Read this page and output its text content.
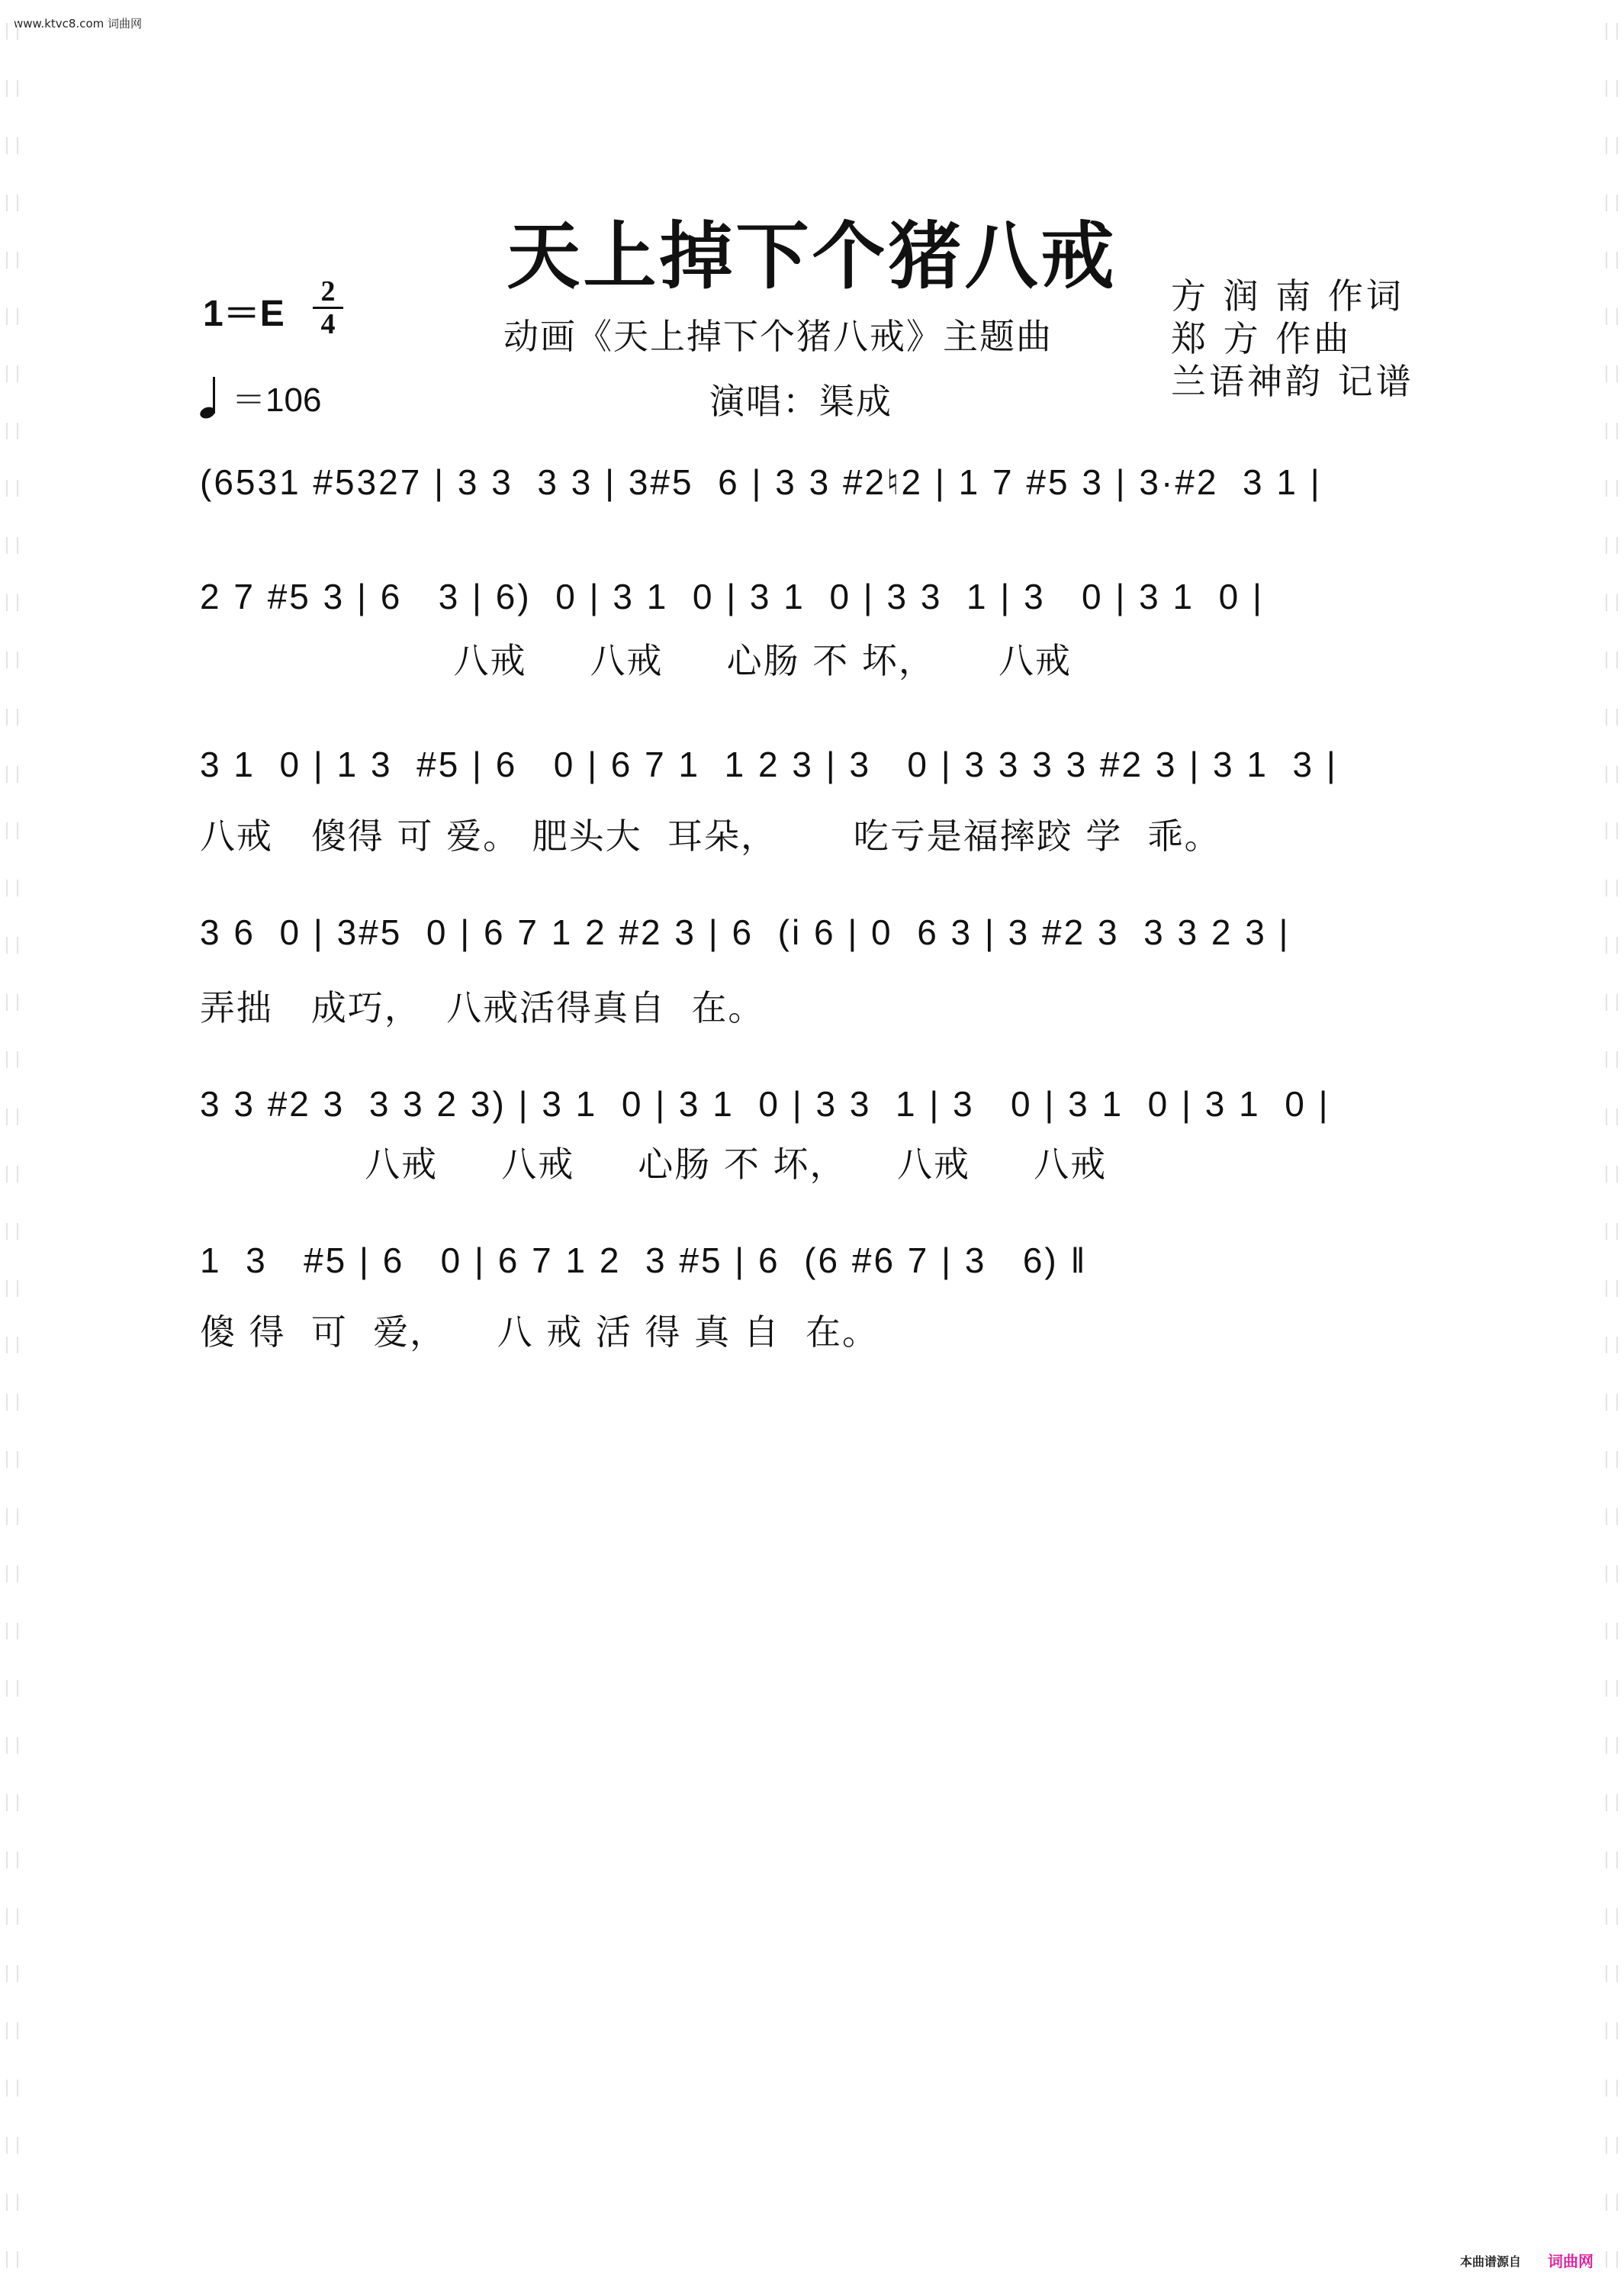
www.ktvc8.com 词曲网
天上掉下个猪八戒
1＝E
2
4
＝106
动画《天上掉下个猪八戒》主题曲
演唱：渠成
方 润 南 作词
郑 方 作曲
兰语神韵 记谱
(6531 #5327 | 3 3  3 3 | 3#5  6 | 3 3 #2♮2 | 1 7 #5 3 | 3·#2  3 1 |
2 7 #5 3 | 6   3 | 6)  0 | 3 1  0 | 3 1  0 | 3 3  1 | 3   0 | 3 1  0 |
八戒     八戒     心肠 不 坏，     八戒
3 1  0 | 1 3  #5 | 6   0 | 6 7 1  1 2 3 | 3   0 | 3 3 3 3 #2 3 | 3 1  3 |
八戒   傻得 可 爱。 肥头大  耳朵，      吃亏是福摔跤 学  乖。
3 6  0 | 3#5  0 | 6 7 1 2 #2 3 | 6  (i 6 | 0  6 3 | 3 #2 3  3 3 2 3 |
弄拙   成巧，  八戒活得真自  在。
3 3 #2 3  3 3 2 3) | 3 1  0 | 3 1  0 | 3 3  1 | 3   0 | 3 1  0 | 3 1  0 |
八戒     八戒     心肠 不 坏，    八戒     八戒
1  3   #5 | 6   0 | 6 7 1 2  3 #5 | 6  (6 #6 7 | 3   6) ‖
傻 得  可  爱，    八 戒 活 得 真 自  在。
本曲谱源自 词曲网
